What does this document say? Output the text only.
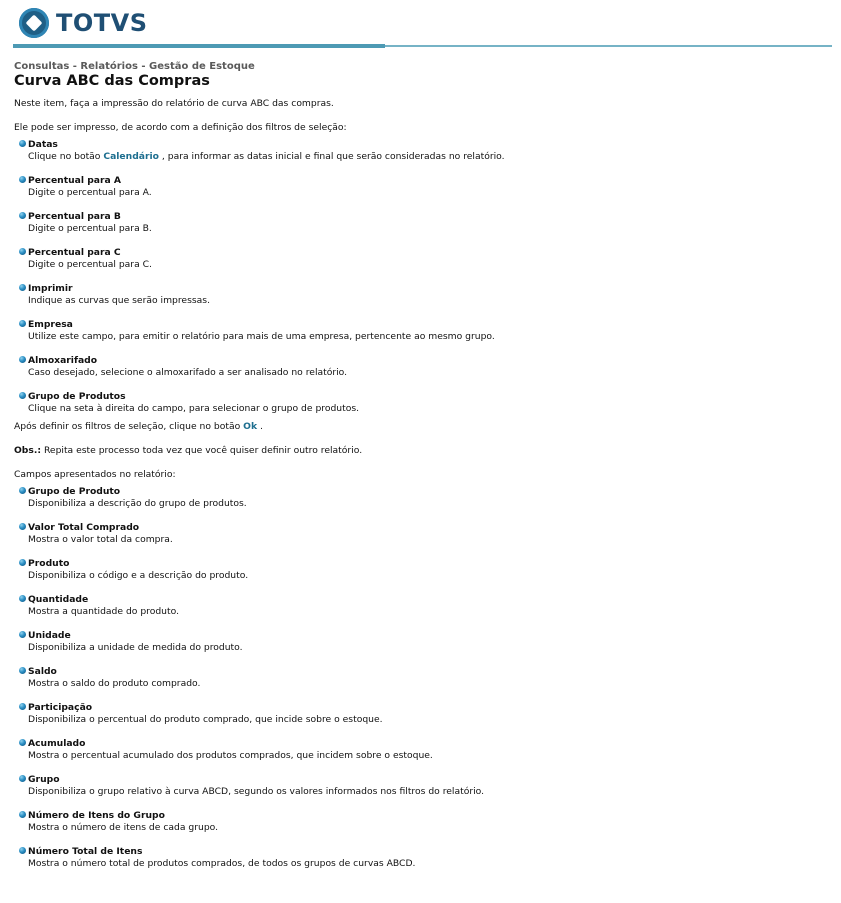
TOTVS
Consultas - Relatórios - Gestão de Estoque
Curva ABC das Compras

Neste item, faça a impressão do relatório de curva ABC das compras.

Ele pode ser impresso, de acordo com a definição dos filtros de seleção:

Datas
Clique no botão Calendário , para informar as datas inicial e final que serão consideradas no relatório.
Percentual para A
Digite o percentual para A.
Percentual para B
Digite o percentual para B.
Percentual para C
Digite o percentual para C.
Imprimir
Indique as curvas que serão impressas.
Empresa
Utilize este campo, para emitir o relatório para mais de uma empresa, pertencente ao mesmo grupo.
Almoxarifado
Caso desejado, selecione o almoxarifado a ser analisado no relatório.
Grupo de Produtos
Clique na seta à direita do campo, para selecionar o grupo de produtos.

Após definir os filtros de seleção, clique no botão Ok .

Obs.: Repita este processo toda vez que você quiser definir outro relatório.

Campos apresentados no relatório:

Grupo de Produto
Disponibiliza a descrição do grupo de produtos.
Valor Total Comprado
Mostra o valor total da compra.
Produto
Disponibiliza o código e a descrição do produto.
Quantidade
Mostra a quantidade do produto.
Unidade
Disponibiliza a unidade de medida do produto.
Saldo
Mostra o saldo do produto comprado.
Participação
Disponibiliza o percentual do produto comprado, que incide sobre o estoque.
Acumulado
Mostra o percentual acumulado dos produtos comprados, que incidem sobre o estoque.
Grupo
Disponibiliza o grupo relativo à curva ABCD, segundo os valores informados nos filtros do relatório.
Número de Itens do Grupo
Mostra o número de itens de cada grupo.
Número Total de Itens
Mostra o número total de produtos comprados, de todos os grupos de curvas ABCD.
